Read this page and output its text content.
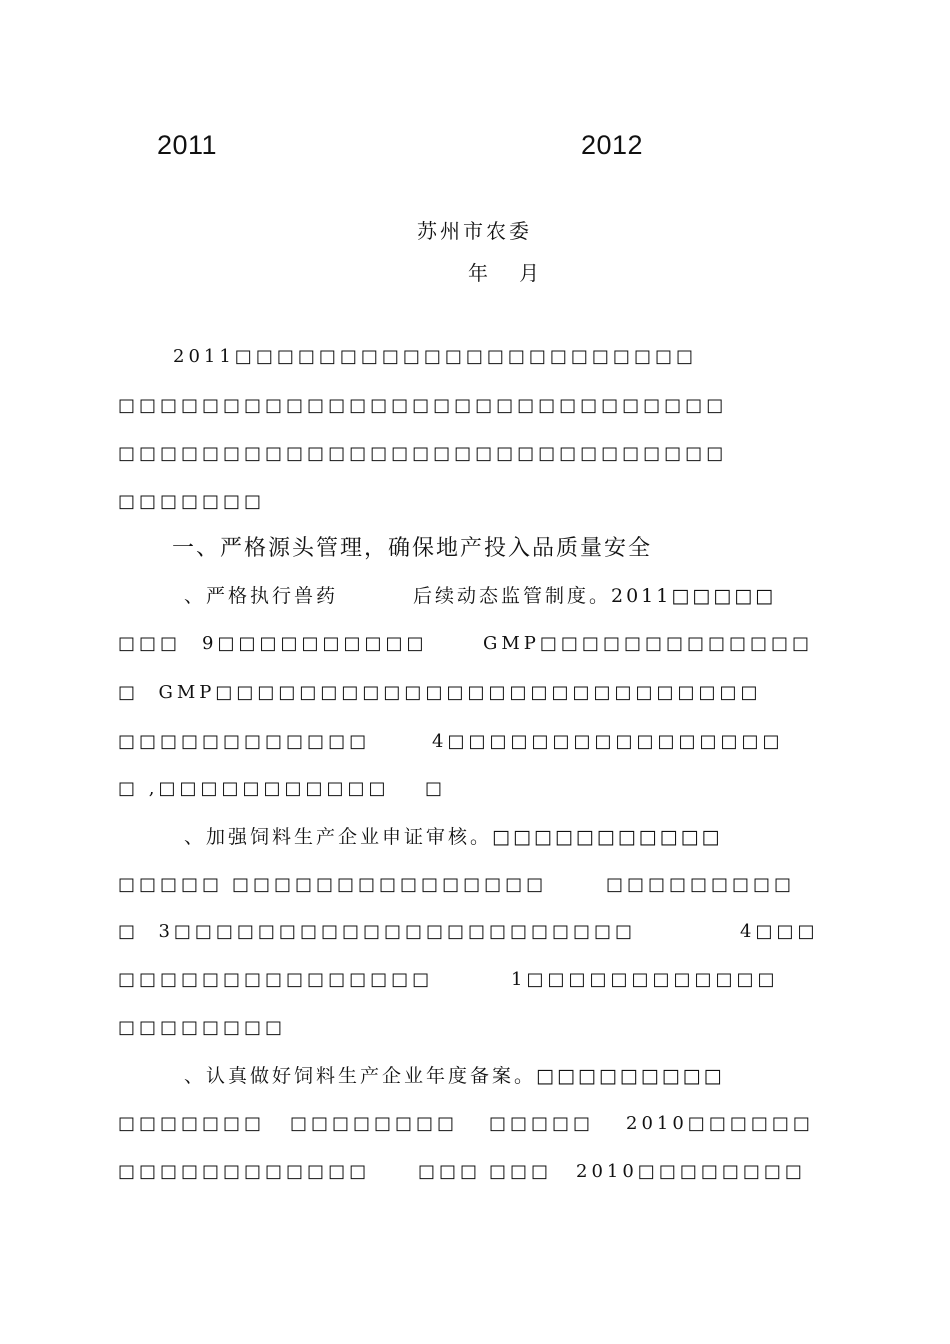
2011	2012
苏州市农委
年   月
2011□□□□□□□□□□□□□□□□□□□□□□
□□□□□□□□□□□□□□□□□□□□□□□□□□□□□
□□□□□□□□□□□□□□□□□□□□□□□□□□□□□
□□□□□□□
一、严格源头管理，确保地产投入品质量安全
、严格执行兽药	后续动态监管制度。2011□□□□□
□□□ 9□□□□□□□□□□	GMP□□□□□□□□□□□□□
□  GMP□□□□□□□□□□□□□□□□□□□□□□□□□□
□□□□□□□□□□□□	4□□□□□□□□□□□□□□□□
□ ,□□□□□□□□□□□ □
、加强饲料生产企业申证审核。□□□□□□□□□□□
□□□□□ □□□□□□□□□□□□□□□	□□□□□□□□□
□  3□□□□□□□□□□□□□□□□□□□□□□	4□□□
□□□□□□□□□□□□□□□	1□□□□□□□□□□□□
□□□□□□□□
、认真做好饲料生产企业年度备案。□□□□□□□□□
□□□□□□□ □□□□□□□□ □□□□□ 2010□□□□□□
□□□□□□□□□□□□	□□□ □□□ 2010□□□□□□□□
